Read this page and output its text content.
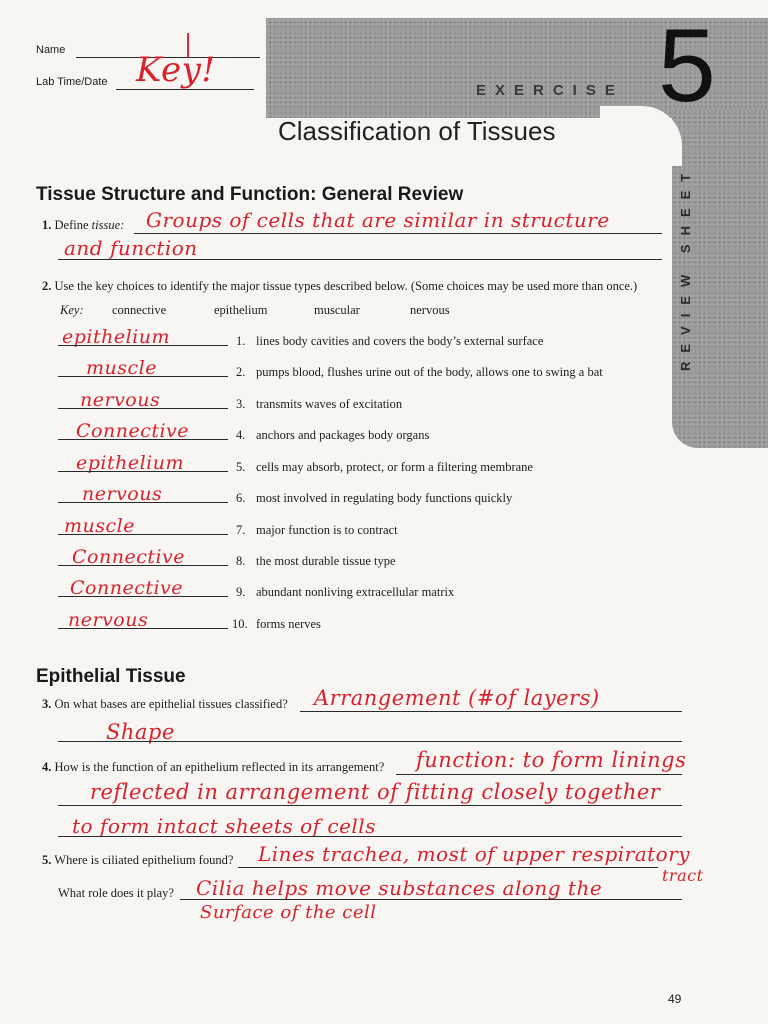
Name	|
Lab Time/Date Key!
EXERCISE 5
REVIEW SHEET
Classification of Tissues
Tissue Structure and Function: General Review
1. Define tissue: Groups of cells that are similar in structure
and function
2. Use the key choices to identify the major tissue types described below. (Some choices may be used more than once.)
Key: connective	epithelium	muscular	nervous
epithelium	1. lines body cavities and covers the body’s external surface
muscle	2. pumps blood, flushes urine out of the body, allows one to swing a bat
nervous	3. transmits waves of excitation
Connective	4. anchors and packages body organs
epithelium	5. cells may absorb, protect, or form a filtering membrane
nervous	6. most involved in regulating body functions quickly
muscle	7. major function is to contract
Connective	8. the most durable tissue type
Connective	9. abundant nonliving extracellular matrix
nervous	10. forms nerves
Epithelial Tissue
3. On what bases are epithelial tissues classified? Arrangement (#of layers)
Shape
4. How is the function of an epithelium reflected in its arrangement? function: to form linings
reflected in arrangement of fitting closely together
to form intact sheets of cells
5. Where is ciliated epithelium found? Lines trachea, most of upper respiratory
tract
What role does it play? Cilia helps move substances along the
Surface of the cell
49
